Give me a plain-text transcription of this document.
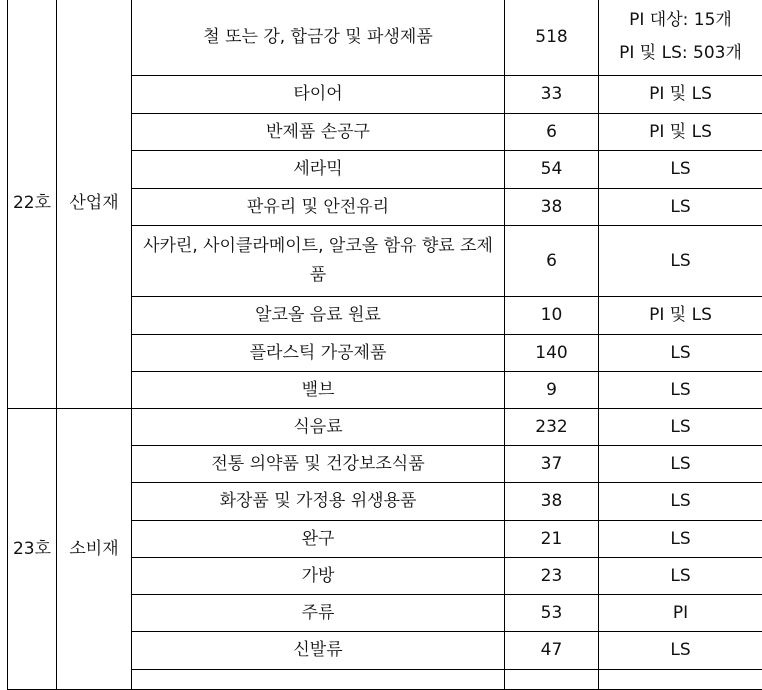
22호	산업재	철 또는 강, 합금강 및 파생제품	518	PI 대상: 15개
PI 및 LS: 503개

		타이어	33	PI 및 LS

		반제품 손공구	6	PI 및 LS

		세라믹	54	LS

		판유리 및 안전유리	38	LS

		사카린, 사이클라메이트, 알코올 함유 향료 조제품	6	LS

		알코올 음료 원료	10	PI 및 LS

		플라스틱 가공제품	140	LS

		밸브	9	LS

23호	소비재	식음료	232	LS

		전통 의약품 및 건강보조식품	37	LS

		화장품 및 가정용 위생용품	38	LS

		완구	21	LS

		가방	23	LS

		주류	53	PI

		신발류	47	LS
